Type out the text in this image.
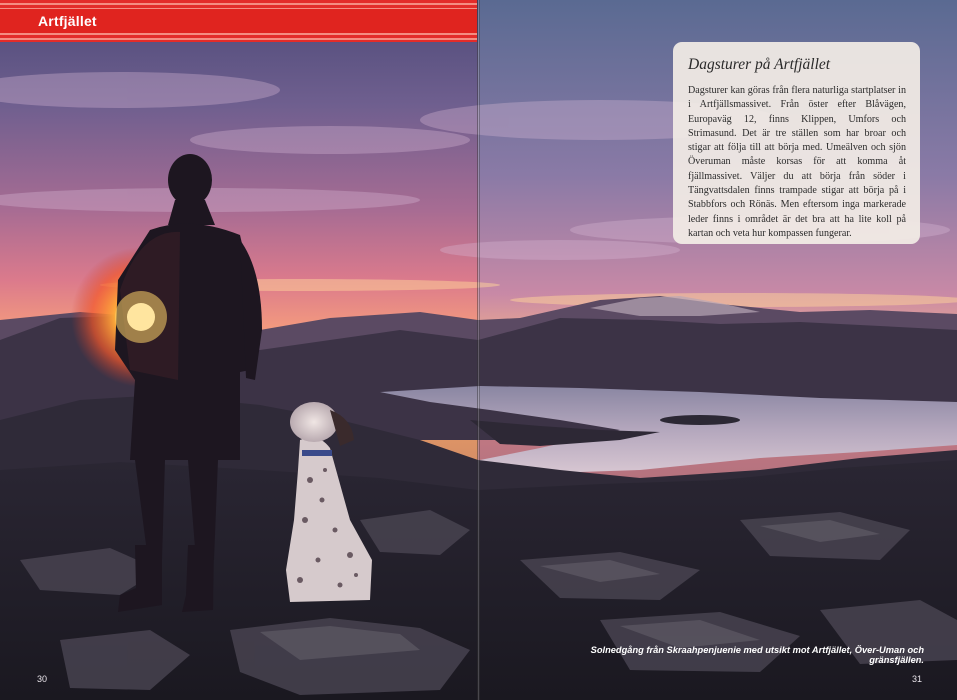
Artfjället
Dagsturer på Artfjället

Dagsturer kan göras från flera naturliga startplatser in i Artfjällsmassivet. Från öster efter Blåvägen, Europaväg 12, finns Klippen, Umfors och Strimasund. Det är tre ställen som har broar och stigar att följa till att börja med. Umeälven och sjön Överuman måste korsas för att komma åt fjällmassivet. Väljer du att börja från söder i Tängvattsdalen finns trampade stigar att börja på i Stabbfors och Rönäs. Men eftersom inga markerade leder finns i området är det bra att ha lite koll på kartan och veta hur kompassen fungerar.

Solnedgång från Skraahpenjuenie med utsikt mot Artfjället, Över-Uman och gränsfjällen.
30	31
